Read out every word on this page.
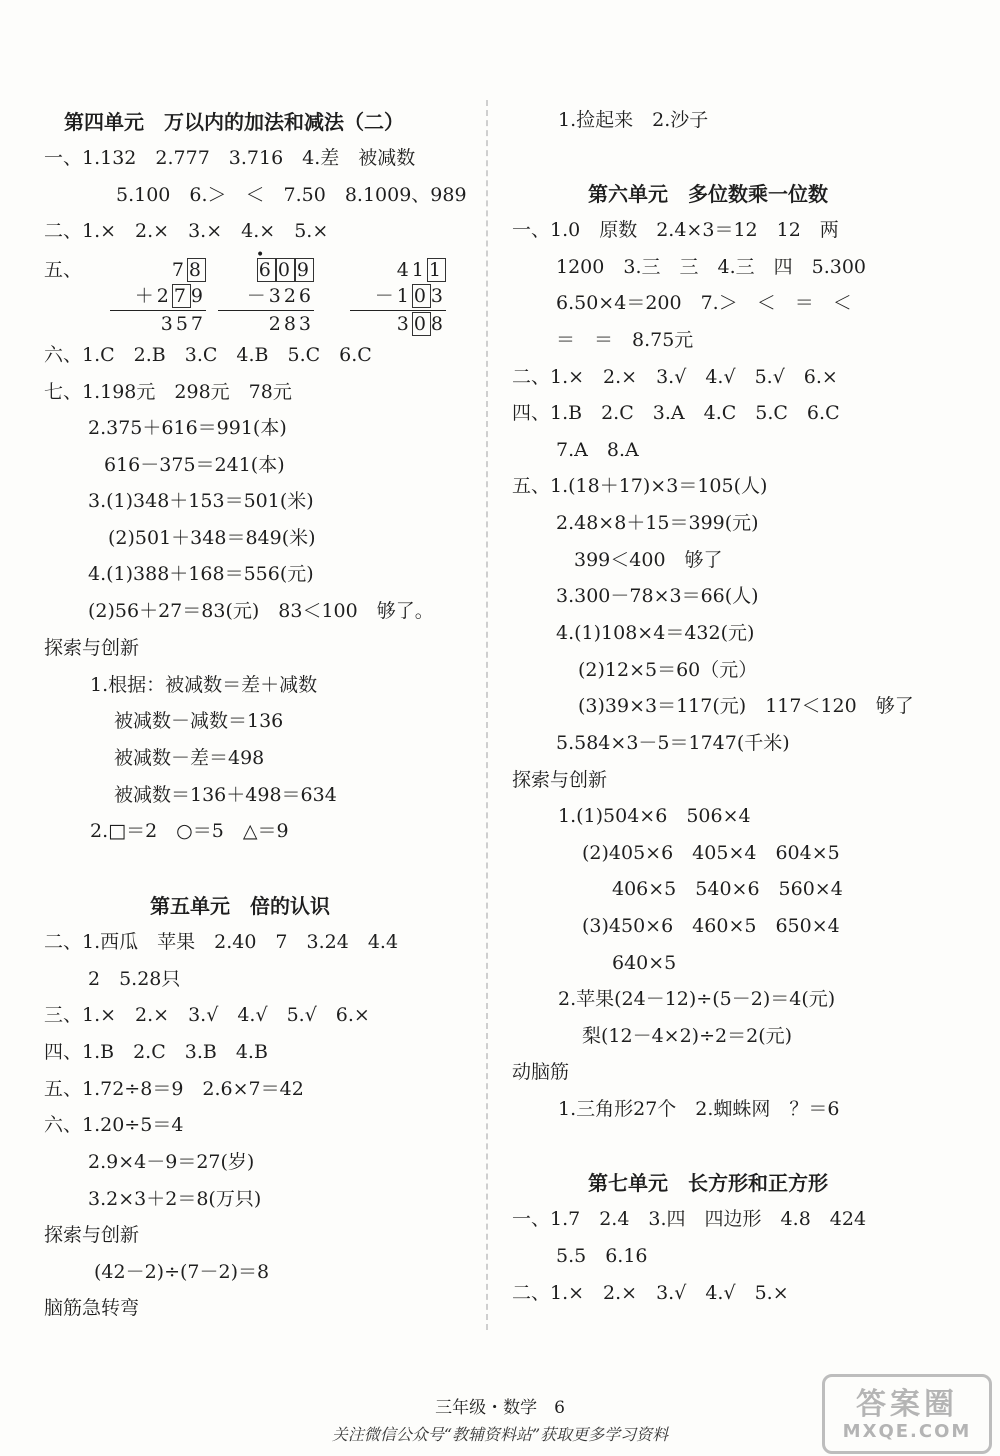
第四单元　万以内的加法和减法（二）
一、1.132　2.777　3.716　4.差　被减数
5.100　6.＞　＜　7.50　8.1009、989
二、1.×　2.×　3.×　4.×　5.×
五、
六、1.C　2.B　3.C　4.B　5.C　6.C
七、1.198元　298元　78元
2.375＋616＝991(本)
616－375＝241(本)
3.(1)348＋153＝501(米)
(2)501＋348＝849(米)
4.(1)388＋168＝556(元)
(2)56＋27＝83(元)　83＜100　够了。
探索与创新
1.根据：被减数＝差＋减数
被减数－减数＝136
被减数－差＝498
被减数＝136＋498＝634
2.□＝2　○＝5　△＝9
第五单元　倍的认识
二、1.西瓜　苹果　2.40　7　3.24　4.4
2　5.28只
三、1.×　2.×　3.√　4.√　5.√　6.×
四、1.B　2.C　3.B　4.B
五、1.72÷8＝9　2.6×7＝42
六、1.20÷5＝4
2.9×4－9＝27(岁)
3.2×3＋2＝8(万只)
探索与创新
(42－2)÷(7－2)＝8
脑筋急转弯
1.捡起来　2.沙子
第六单元　多位数乘一位数
一、1.0　原数　2.4×3＝12　12　两
1200　3.三　三　4.三　四　5.300
6.50×4＝200　7.＞　＜　＝　＜
＝　＝　8.75元
二、1.×　2.×　3.√　4.√　5.√　6.×
四、1.B　2.C　3.A　4.C　5.C　6.C
7.A　8.A
五、1.(18＋17)×3＝105(人)
2.48×8＋15＝399(元)
399＜400　够了
3.300－78×3＝66(人)
4.(1)108×4＝432(元)
(2)12×5＝60（元）
(3)39×3＝117(元)　117＜120　够了
5.584×3－5＝1747(千米)
探索与创新
1.(1)504×6　506×4
(2)405×6　405×4　604×5
406×5　540×6　560×4
(3)450×6　460×5　650×4
640×5
2.苹果(24－12)÷(5－2)＝4(元)
梨(12－4×2)÷2＝2(元)
动脑筋
1.三角形27个　2.蜘蛛网　？＝6
第七单元　长方形和正方形
一、1.7　2.4　3.四　四边形　4.8　424
5.5　6.16
二、1.×　2.×　3.√　4.√　5.×
7 8
＋2 7 9
357
6 0 9
－326
283
41 1
－1 0 3
3 0 8
•
三年级・数学　6
关注微信公众号“教辅资料站”获取更多学习资料
答案圈
MXQE.COM
